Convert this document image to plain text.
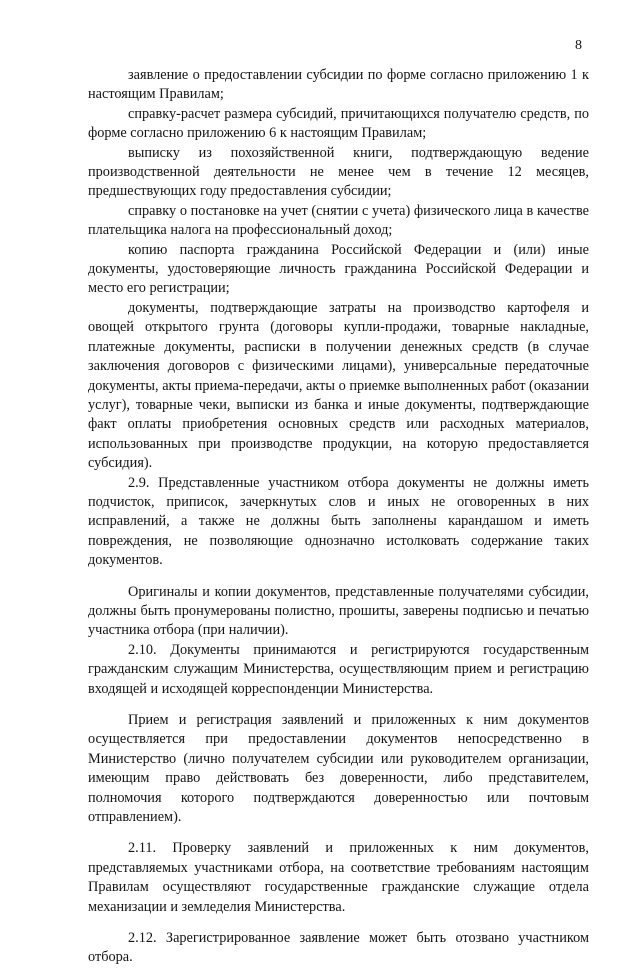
8

заявление о предоставлении субсидии по форме согласно приложению 1 к настоящим Правилам;

справку-расчет размера субсидий, причитающихся получателю средств, по форме согласно приложению 6 к настоящим Правилам;

выписку из похозяйственной книги, подтверждающую ведение производственной деятельности не менее чем в течение 12 месяцев, предшествующих году предоставления субсидии;

справку о постановке на учет (снятии с учета) физического лица в качестве плательщика налога на профессиональный доход;

копию паспорта гражданина Российской Федерации и (или) иные документы, удостоверяющие личность гражданина Российской Федерации и место его регистрации;

документы, подтверждающие затраты на производство картофеля и овощей открытого грунта (договоры купли-продажи, товарные накладные, платежные документы, расписки в получении денежных средств (в случае заключения договоров с физическими лицами), универсальные передаточные документы, акты приема-передачи, акты о приемке выполненных работ (оказании услуг), товарные чеки, выписки из банка и иные документы, подтверждающие факт оплаты приобретения основных средств или расходных материалов, использованных при производстве продукции, на которую предоставляется субсидия).

2.9. Представленные участником отбора документы не должны иметь подчисток, приписок, зачеркнутых слов и иных не оговоренных в них исправлений, а также не должны быть заполнены карандашом и иметь повреждения, не позволяющие однозначно истолковать содержание таких документов.

Оригиналы и копии документов, представленные получателями субсидии, должны быть пронумерованы полистно, прошиты, заверены подписью и печатью участника отбора (при наличии).

2.10. Документы принимаются и регистрируются государственным гражданским служащим Министерства, осуществляющим прием и регистрацию входящей и исходящей корреспонденции Министерства.

Прием и регистрация заявлений и приложенных к ним документов осуществляется при предоставлении документов непосредственно в Министерство (лично получателем субсидии или руководителем организации, имеющим право действовать без доверенности, либо представителем, полномочия которого подтверждаются доверенностью или почтовым отправлением).

2.11. Проверку заявлений и приложенных к ним документов, представляемых участниками отбора, на соответствие требованиям настоящим Правилам осуществляют государственные гражданские служащие отдела механизации и земледелия Министерства.

2.12. Зарегистрированное заявление может быть отозвано участником отбора.
